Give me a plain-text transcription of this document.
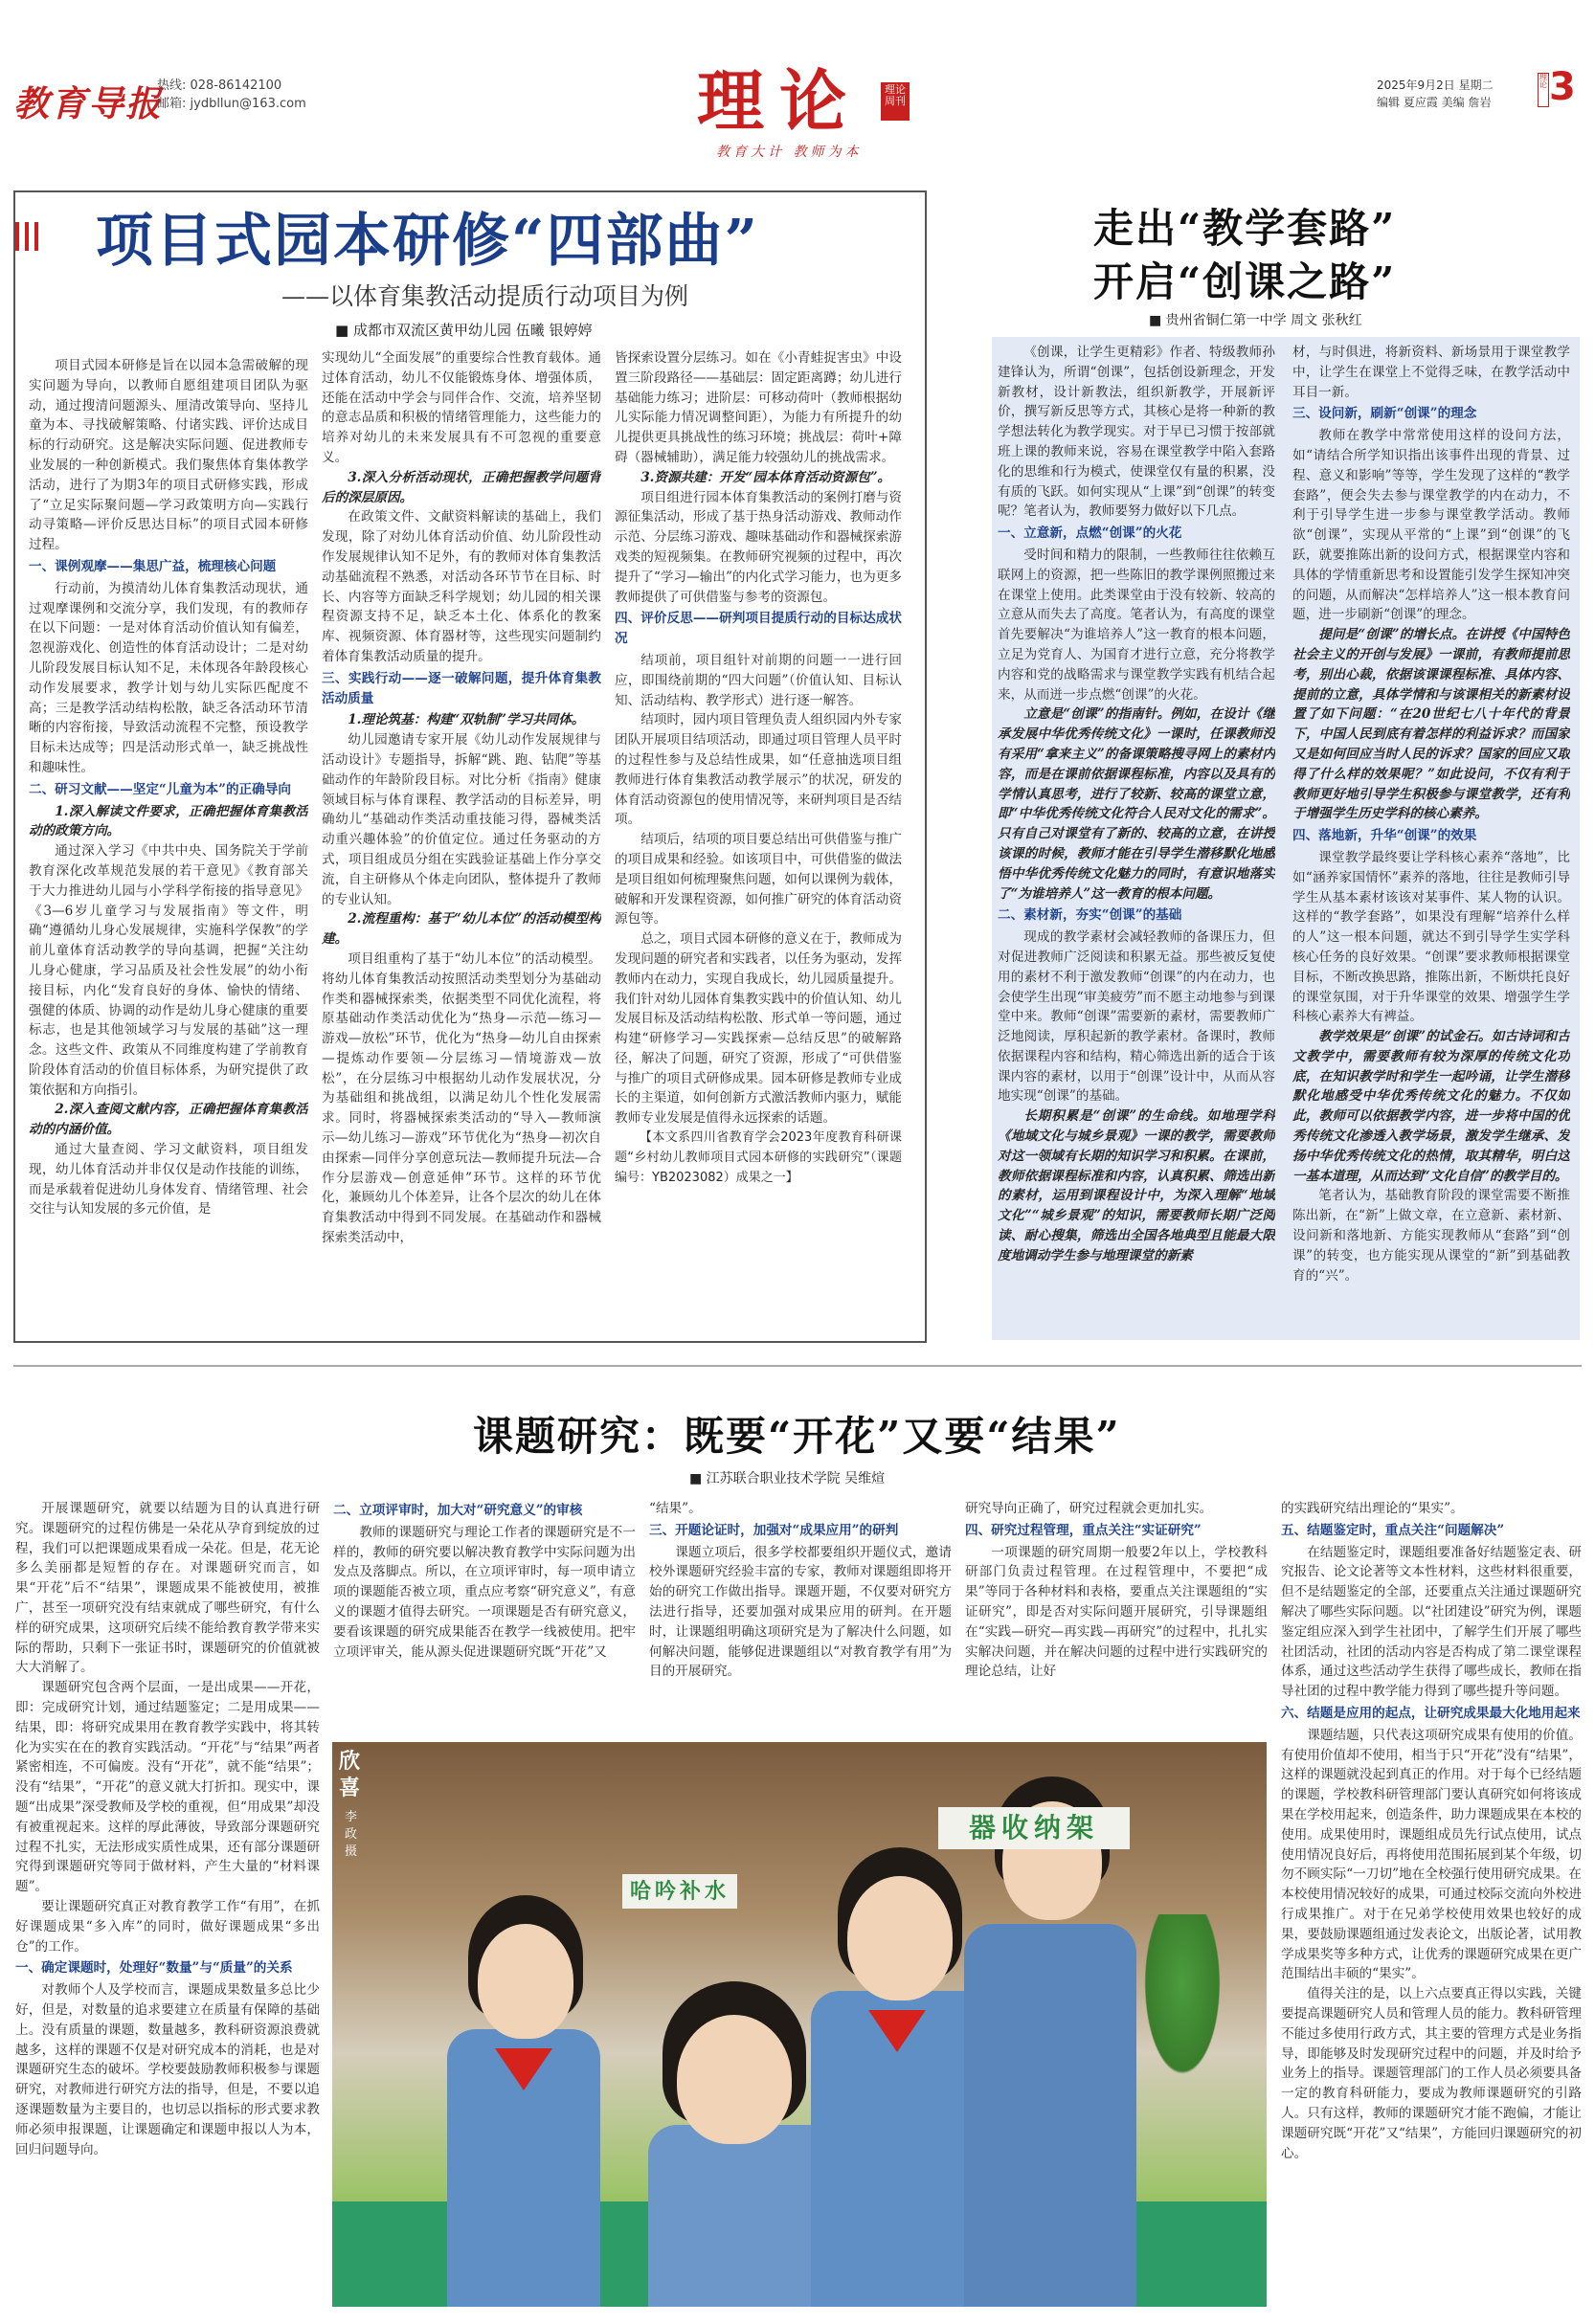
教育导报
热线: 028-86142100
邮箱: jydbllun@163.com	理论	理论周刊
教育大计 教师为本
2025年9月2日 星期二
编辑 夏应霞 美编 詹岩
理论 3
项目式园本研修“四部曲”
——以体育集教活动提质行动项目为例
■ 成都市双流区黄甲幼儿园 伍曦 银婷婷

项目式园本研修是旨在以园本急需破解的现实问题为导向，以教师自愿组建项目团队为驱动，通过搜清问题源头、厘清改策导向、坚持儿童为本、寻找破解策略、付诸实践、评价达成目标的行动研究。这是解决实际问题、促进教师专业发展的一种创新模式。我们聚焦体育集体教学活动，进行了为期3年的项目式研修实践，形成了“立足实际聚问题—学习政策明方向—实践行动寻策略—评价反思达目标”的项目式园本研修过程。

一、课例观摩——集思广益，梳理核心问题

行动前，为摸清幼儿体育集教活动现状，通过观摩课例和交流分享，我们发现，有的教师存在以下问题：一是对体育活动价值认知有偏差，忽视游戏化、创造性的体育活动设计；二是对幼儿阶段发展目标认知不足，未体现各年龄段核心动作发展要求，教学计划与幼儿实际匹配度不高；三是教学活动结构松散，缺乏各活动环节清晰的内容衔接，导致活动流程不完整，预设教学目标未达成等；四是活动形式单一，缺乏挑战性和趣味性。

二、研习文献——坚定“儿童为本”的正确导向
1.深入解读文件要求，正确把握体育集教活动的政策方向。

通过深入学习《中共中央、国务院关于学前教育深化改革规范发展的若干意见》《教育部关于大力推进幼儿园与小学科学衔接的指导意见》《3—6岁儿童学习与发展指南》等文件，明确“遵循幼儿身心发展规律，实施科学保教”的学前儿童体育活动教学的导向基调，把握“关注幼儿身心健康，学习品质及社会性发展”的幼小衔接目标，内化“发育良好的身体、愉快的情绪、强健的体质、协调的动作是幼儿身心健康的重要标志，也是其他领域学习与发展的基础”这一理念。这些文件、政策从不同维度构建了学前教育阶段体育活动的价值目标体系，为研究提供了政策依据和方向指引。

2.深入查阅文献内容，正确把握体育集教活动的内涵价值。

通过大量查阅、学习文献资料，项目组发现，幼儿体育活动并非仅仅是动作技能的训练，而是承载着促进幼儿身体发育、情绪管理、社会交往与认知发展的多元价值，是

实现幼儿“全面发展”的重要综合性教育载体。通过体育活动，幼儿不仅能锻炼身体、增强体质，还能在活动中学会与同伴合作、交流，培养坚韧的意志品质和积极的情绪管理能力，这些能力的培养对幼儿的未来发展具有不可忽视的重要意义。

3.深入分析活动现状，正确把握教学问题背后的深层原因。

在政策文件、文献资料解读的基础上，我们发现，除了对幼儿体育活动价值、幼儿阶段性动作发展规律认知不足外，有的教师对体育集教活动基础流程不熟悉，对活动各环节节在目标、时长、内容等方面缺乏科学规划；幼儿园的相关课程资源支持不足，缺乏本土化、体系化的教案库、视频资源、体育器材等，这些现实问题制约着体育集教活动质量的提升。

三、实践行动——逐一破解问题，提升体育集教活动质量
1.理论筑基：构建“双轨制”学习共同体。

幼儿园邀请专家开展《幼儿动作发展规律与活动设计》专题指导，拆解“跳、跑、钻爬”等基础动作的年龄阶段目标。对比分析《指南》健康领域目标与体育课程、教学活动的目标差异，明确幼儿“基础动作类活动重技能习得，器械类活动重兴趣体验”的价值定位。通过任务驱动的方式，项目组成员分组在实践验证基础上作分享交流，自主研修从个体走向团队，整体提升了教师的专业认知。

2.流程重构：基于“幼儿本位”的活动模型构建。

项目组重构了基于“幼儿本位”的活动模型。将幼儿体育集教活动按照活动类型划分为基础动作类和器械探索类，依据类型不同优化流程，将原基础动作类活动优化为“热身—示范—练习—游戏—放松”环节，优化为“热身—幼儿自由探索—提炼动作要领—分层练习—情境游戏—放松”，在分层练习中根据幼儿动作发展状况，分为基础组和挑战组，以满足幼儿个性化发展需求。同时，将器械探索类活动的“导入—教师演示—幼儿练习—游戏”环节优化为“热身—初次自由探索—同伴分享创意玩法—教师提升玩法—合作分层游戏—创意延伸”环节。这样的环节优化，兼顾幼儿个体差异，让各个层次的幼儿在体育集教活动中得到不同发展。在基础动作和器械探索类活动中，

皆探索设置分层练习。如在《小青蛙捉害虫》中设置三阶段路径——基础层：固定距离蹲；幼儿进行基础能力练习；进阶层：可移动荷叶（教师根据幼儿实际能力情况调整间距），为能力有所提升的幼儿提供更具挑战性的练习环境；挑战层：荷叶+障碍（器械辅助），满足能力较强幼儿的挑战需求。

3.资源共建：开发“园本体育活动资源包”。

项目组进行园本体育集教活动的案例打磨与资源征集活动，形成了基于热身活动游戏、教师动作示范、分层练习游戏、趣味基础动作和器械探索游戏类的短视频集。在教师研究视频的过程中，再次提升了“学习—输出”的内化式学习能力，也为更多教师提供了可供借鉴与参考的资源包。

四、评价反思——研判项目提质行动的目标达成状况

结项前，项目组针对前期的问题一一进行回应，即围绕前期的“四大问题”（价值认知、目标认知、活动结构、教学形式）进行逐一解答。

结项时，园内项目管理负责人组织园内外专家团队开展项目结项活动，即通过项目管理人员平时的过程性参与及总结性成果，如“任意抽选项目组教师进行体育集教活动教学展示”的状况，研发的体育活动资源包的使用情况等，来研判项目是否结项。

结项后，结项的项目要总结出可供借鉴与推广的项目成果和经验。如该项目中，可供借鉴的做法是项目组如何梳理聚焦问题，如何以课例为载体，破解和开发课程资源，如何推广研究的体育活动资源包等。

总之，项目式园本研修的意义在于，教师成为发现问题的研究者和实践者，以任务为驱动，发挥教师内在动力，实现自我成长，幼儿园质量提升。我们针对幼儿园体育集教实践中的价值认知、幼儿发展目标及活动结构松散、形式单一等问题，通过构建“研修学习—实践探索—总结反思”的破解路径，解决了问题，研究了资源，形成了“可供借鉴与推广的项目式研修成果。园本研修是教师专业成长的主渠道，如何创新方式激活教师内驱力，赋能教师专业发展是值得永远探索的话题。

【本文系四川省教育学会2023年度教育科研课题“乡村幼儿教师项目式园本研修的实践研究”（课题编号：YB2023082）成果之一】

走出“教学套路”
开启“创课之路”
■ 贵州省铜仁第一中学 周文 张秋红

《创课，让学生更精彩》作者、特级教师孙建锋认为，所谓“创课”，包括创设新理念，开发新教材，设计新教法，组织新教学，开展新评价，撰写新反思等方式，其核心是将一种新的教学想法转化为教学现实。对于早已习惯于按部就班上课的教师来说，容易在课堂教学中陷入套路化的思维和行为模式，使课堂仅有量的积累，没有质的飞跃。如何实现从“上课”到“创课”的转变呢？笔者认为，教师要努力做好以下几点。

一、立意新，点燃“创课”的火花

受时间和精力的限制，一些教师往往依赖互联网上的资源，把一些陈旧的教学课例照搬过来在课堂上使用。此类课堂由于没有较新、较高的立意从而失去了高度。笔者认为，有高度的课堂首先要解决“为谁培养人”这一教育的根本问题，立足为党育人、为国育才进行立意，充分将教学内容和党的战略需求与课堂教学实践有机结合起来，从而迸一步点燃“创课”的火花。

立意是“创课”的指南针。例如，在设计《继承发展中华优秀传统文化》一课时，任课教师没有采用“拿来主义”的备课策略搜寻网上的素材内容，而是在课前依据课程标准，内容以及具有的学情认真思考，进行了较新、较高的课堂立意，即“中华优秀传统文化符合人民对文化的需求”。只有自己对课堂有了新的、较高的立意，在讲授该课的时候，教师才能在引导学生潜移默化地感悟中华优秀传统文化魅力的同时，有意识地落实了“为谁培养人”这一教育的根本问题。
二、素材新，夯实“创课”的基础

现成的教学素材会减轻教师的备课压力，但对促进教师广泛阅读和积累无益。那些被反复使用的素材不利于激发教师“创课”的内在动力，也会使学生出现“审美疲劳”而不愿主动地参与到课堂中来。教师“创课”需要新的素材，需要教师广泛地阅读，厚积起新的教学素材。备课时，教师依据课程内容和结构，精心筛选出新的适合于该课内容的素材，以用于“创课”设计中，从而从容地实现“创课”的基础。

长期积累是“创课”的生命线。如地理学科《地域文化与城乡景观》一课的教学，需要教师对这一领域有长期的知识学习和积累。在课前，教师依据课程标准和内容，认真积累、筛选出新的素材，运用到课程设计中，为深入理解“地域文化”“城乡景观”的知识，需要教师长期广泛阅读、耐心搜集，筛选出全国各地典型且能最大限度地调动学生参与地理课堂的新素

材，与时俱进，将新资料、新场景用于课堂教学中，让学生在课堂上不觉得乏味，在教学活动中耳目一新。

三、设问新，刷新“创课”的理念

教师在教学中常常使用这样的设问方法，如“请结合所学知识指出该事件出现的背景、过程、意义和影响”等等，学生发现了这样的“教学套路”，便会失去参与课堂教学的内在动力，不利于引导学生进一步参与课堂教学活动。教师欲“创课”，实现从平常的“上课”到“创课”的飞跃，就要推陈出新的设问方式，根据课堂内容和具体的学情重新思考和设置能引发学生探知冲突的问题，从而解决“怎样培养人”这一根本教育问题，进一步刷新“创课”的理念。

提问是“创课”的增长点。在讲授《中国特色社会主义的开创与发展》一课前，有教师提前思考，别出心裁，依据该课课程标准、具体内容、提前的立意，具体学情和与该课相关的新素材设置了如下问题：“在20世纪七八十年代的背景下，中国人民到底有着怎样的利益诉求？而国家又是如何回应当时人民的诉求？国家的回应又取得了什么样的效果呢？”如此设问，不仅有利于教师更好地引导学生积极参与课堂教学，还有利于增强学生历史学科的核心素养。
四、落地新，升华“创课”的效果

课堂教学最终要让学科核心素养“落地”，比如“涵养家国情怀”素养的落地，往往是教师引导学生从基本素材该该对某事件、某人物的认识。这样的“教学套路”，如果没有理解“培养什么样的人”这一根本问题，就达不到引导学生实学科核心任务的良好效果。“创课”要求教师根据课堂目标，不断改换思路，推陈出新，不断烘托良好的课堂氛围，对于升华课堂的效果、增强学生学科核心素养大有裨益。

教学效果是“创课”的试金石。如古诗词和古文教学中，需要教师有较为深厚的传统文化功底，在知识教学时和学生一起吟诵，让学生潜移默化地感受中华优秀传统文化的魅力。不仅如此，教师可以依据教学内容，进一步将中国的优秀传统文化渗透入教学场景，激发学生继承、发扬中华优秀传统文化的热情，取其精华，明白这一基本道理，从而达到“文化自信”的教学目的。

笔者认为，基础教育阶段的课堂需要不断推陈出新，在“新”上做文章，在立意新、素材新、设问新和落地新、方能实现教师从“套路”到“创课”的转变，也方能实现从课堂的“新”到基础教育的“兴”。

课题研究：既要“开花”又要“结果”
■ 江苏联合职业技术学院 吴维煊

开展课题研究，就要以结题为目的认真进行研究。课题研究的过程仿佛是一朵花从孕育到绽放的过程，我们可以把课题成果看成一朵花。但是，花无论多么美丽都是短暂的存在。对课题研究而言，如果“开花”后不“结果”，课题成果不能被使用，被推广，甚至一项研究没有结束就成了哪些研究，有什么样的研究成果，这项研究后续不能给教育教学带来实际的帮助，只剩下一张证书时，课题研究的价值就被大大消解了。

课题研究包含两个层面，一是出成果——开花，即：完成研究计划，通过结题鉴定；二是用成果——结果，即：将研究成果用在教育教学实践中，将其转化为实实在在的教育实践活动。“开花”与“结果”两者紧密相连，不可偏废。没有“开花”，就不能“结果”；没有“结果”，“开花”的意义就大打折扣。现实中，课题“出成果”深受教师及学校的重视，但“用成果”却没有被重视起来。这样的厚此薄彼，导致部分课题研究过程不扎实，无法形成实质性成果，还有部分课题研究得到课题研究等同于做材料，产生大量的“材料课题”。

要让课题研究真正对教育教学工作“有用”，在抓好课题成果“多入库”的同时，做好课题成果“多出仓”的工作。

一、确定课题时，处理好“数量”与“质量”的关系

对教师个人及学校而言，课题成果数量多总比少好，但是，对数量的追求要建立在质量有保障的基础上。没有质量的课题，数量越多，教科研资源浪费就越多，这样的课题不仅是对研究成本的消耗，也是对课题研究生态的破坏。学校要鼓励教师积极参与课题研究，对教师进行研究方法的指导，但是，不要以追逐课题数量为主要目的，也切忌以指标的形式要求教师必须申报课题，让课题确定和课题申报以人为本，回归问题导向。

二、立项评审时，加大对“研究意义”的审核

教师的课题研究与理论工作者的课题研究是不一样的，教师的研究要以解决教育教学中实际问题为出发点及落脚点。所以，在立项评审时，每一项申请立项的课题能否被立项，重点应考察“研究意义”，有意义的课题才值得去研究。一项课题是否有研究意义，要看该课题的研究成果能否在教学一线被使用。把牢立项评审关，能从源头促进课题研究既“开花”又

“结果”。

三、开题论证时，加强对“成果应用”的研判

课题立项后，很多学校都要组织开题仪式，邀请校外课题研究经验丰富的专家，教师对课题组即将开始的研究工作做出指导。课题开题，不仅要对研究方法进行指导，还要加强对成果应用的研判。在开题时，让课题组明确这项研究是为了解决什么问题，如何解决问题，能够促进课题组以“对教育教学有用”为目的开展研究。

研究导向正确了，研究过程就会更加扎实。

四、研究过程管理，重点关注“实证研究”

一项课题的研究周期一般要2年以上，学校教科研部门负责过程管理。在过程管理中，不要把“成果”等同于各种材料和表格，要重点关注课题组的“实证研究”，即是否对实际问题开展研究，引导课题组在“实践—研究—再实践—再研究”的过程中，扎扎实实解决问题，并在解决问题的过程中进行实践研究的理论总结，让好

的实践研究结出理论的“果实”。

五、结题鉴定时，重点关注“问题解决”

在结题鉴定时，课题组要准备好结题鉴定表、研究报告、论文论著等文本性材料，这些材料很重要，但不是结题鉴定的全部，还要重点关注通过课题研究解决了哪些实际问题。以“社团建设”研究为例，课题鉴定组应深入到学生社团中，了解学生们开展了哪些社团活动，社团的活动内容是否构成了第二课堂课程体系，通过这些活动学生获得了哪些成长，教师在指导社团的过程中教学能力得到了哪些提升等问题。

六、结题是应用的起点，让研究成果最大化地用起来

课题结题，只代表这项研究成果有使用的价值。有使用价值却不使用，相当于只“开花”没有“结果”，这样的课题就没起到真正的作用。对于每个已经结题的课题，学校教科研管理部门要认真研究如何将该成果在学校用起来，创造条件，助力课题成果在本校的使用。成果使用时，课题组成员先行试点使用，试点使用情况良好后，再将使用范围拓展到某个年级，切勿不顾实际“一刀切”地在全校强行使用研究成果。在本校使用情况较好的成果，可通过校际交流向外校进行成果推广。对于在兄弟学校使用效果也较好的成果，要鼓励课题组通过发表论文，出版论著，试用教学成果奖等多种方式，让优秀的课题研究成果在更广范围结出丰硕的“果实”。

值得关注的是，以上六点要真正得以实践，关键要提高课题研究人员和管理人员的能力。教科研管理不能过多使用行政方式，其主要的管理方式是业务指导，即能够及时发现研究过程中的问题，并及时给予业务上的指导。课题管理部门的工作人员必须要具备一定的教育科研能力，要成为教师课题研究的引路人。只有这样，教师的课题研究才能不跑偏，才能让课题研究既“开花”又“结果”，方能回归课题研究的初心。

器收纳架
哈吟补水
欣喜
李政 摄
